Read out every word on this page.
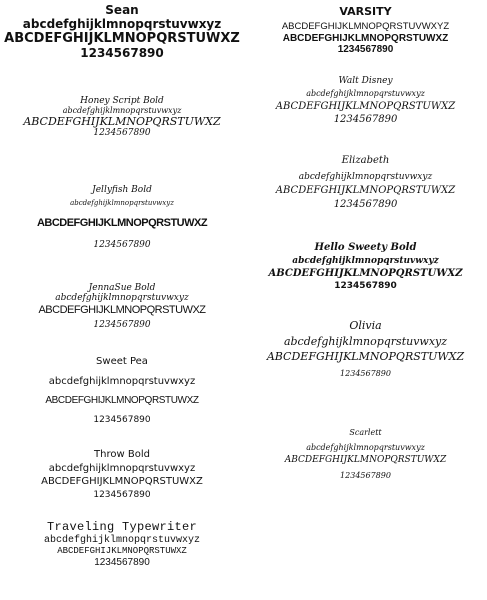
Sean
abcdefghijklmnopqrstuvwxyz
ABCDEFGHIJKLMNOPQRSTUWXZ
1234567890
Honey Script Bold
abcdefghijklmnopqrstuvwxyz
ABCDEFGHIJKLMNOPQRSTUWXZ
1234567890
Jellyfish Bold
abcdefghijklmnopqrstuvwxyz
ABCDEFGHIJKLMNOPQRSTUWXZ
1234567890
JennaSue Bold
abcdefghijklmnopqrstuvwxyz
ABCDEFGHIJKLMNOPQRSTUWXZ
1234567890
Sweet Pea
abcdefghijklmnopqrstuvwxyz
ABCDEFGHIJKLMNOPQRSTUWXZ
1234567890
Throw Bold
abcdefghijklmnopqrstuvwxyz
ABCDEFGHIJKLMNOPQRSTUWXZ
1234567890
Traveling Typewriter
abcdefghijklmnopqrstuvwxyz
ABCDEFGHIJKLMNOPQRSTUWXZ
1234567890
VARSITY
ABCDEFGHIJKLMNOPQRSTUVWXYZ
ABCDEFGHIJKLMNOPQRSTUWXZ
1234567890
Walt Disney
abcdefghijklmnopqrstuvwxyz
ABCDEFGHIJKLMNOPQRSTUWXZ
1234567890
Elizabeth
abcdefghijklmnopqrstuvwxyz
ABCDEFGHIJKLMNOPQRSTUWXZ
1234567890
Hello Sweety Bold
abcdefghijklmnopqrstuvwxyz
ABCDEFGHIJKLMNOPQRSTUWXZ
1234567890
Olivia
abcdefghijklmnopqrstuvwxyz
ABCDEFGHIJKLMNOPQRSTUWXZ
1234567890
Scarlett
abcdefghijklmnopqrstuvwxyz
ABCDEFGHIJKLMNOPQRSTUWXZ
1234567890
